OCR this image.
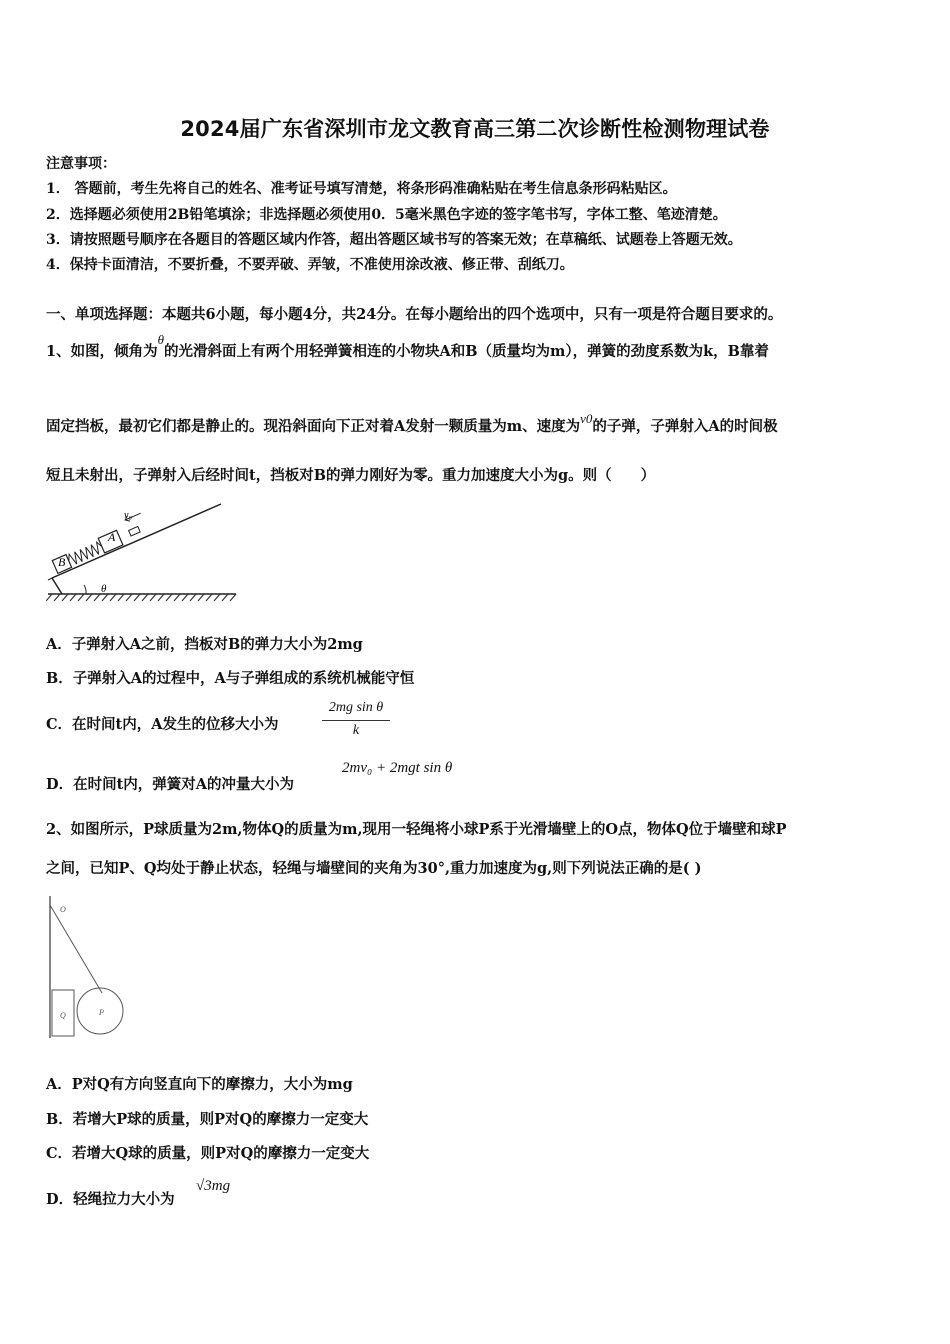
2024届广东省深圳市龙文教育高三第二次诊断性检测物理试卷
注意事项：
1． 答题前，考生先将自己的姓名、准考证号填写清楚，将条形码准确粘贴在考生信息条形码粘贴区。
2．选择题必须使用2B铅笔填涂；非选择题必须使用0．5毫米黑色字迹的签字笔书写，字体工整、笔迹清楚。
3．请按照题号顺序在各题目的答题区域内作答，超出答题区域书写的答案无效；在草稿纸、试题卷上答题无效。
4．保持卡面清洁，不要折叠，不要弄破、弄皱，不准使用涂改液、修正带、刮纸刀。
一、单项选择题：本题共6小题，每小题4分，共24分。在每小题给出的四个选项中，只有一项是符合题目要求的。
1、如图，倾角为θ的光滑斜面上有两个用轻弹簧相连的小物块A和B（质量均为m），弹簧的劲度系数为k，B靠着
固定挡板，最初它们都是静止的。现沿斜面向下正对着A发射一颗质量为m、速度为v0的子弹，子弹射入A的时间极
短且未射出，子弹射入后经时间t，挡板对B的弹力刚好为零。重力加速度大小为g。则（　　）
B
A
v₀
θ
A．子弹射入A之前，挡板对B的弹力大小为2mg
B．子弹射入A的过程中，A与子弹组成的系统机械能守恒
C．在时间t内，A发生的位移大小为
2mg sin θ
k
D．在时间t内，弹簧对A的冲量大小为
2mv₀ + 2mgt sin θ
2、如图所示，P球质量为2m,物体Q的质量为m,现用一轻绳将小球P系于光滑墙壁上的O点，物体Q位于墙壁和球P
之间，已知P、Q均处于静止状态，轻绳与墙壁间的夹角为30°,重力加速度为g,则下列说法正确的是( )
O
Q	P
A．P对Q有方向竖直向下的摩擦力，大小为mg
B．若增大P球的质量，则P对Q的摩擦力一定变大
C．若增大Q球的质量，则P对Q的摩擦力一定变大
D．轻绳拉力大小为
√3mg
